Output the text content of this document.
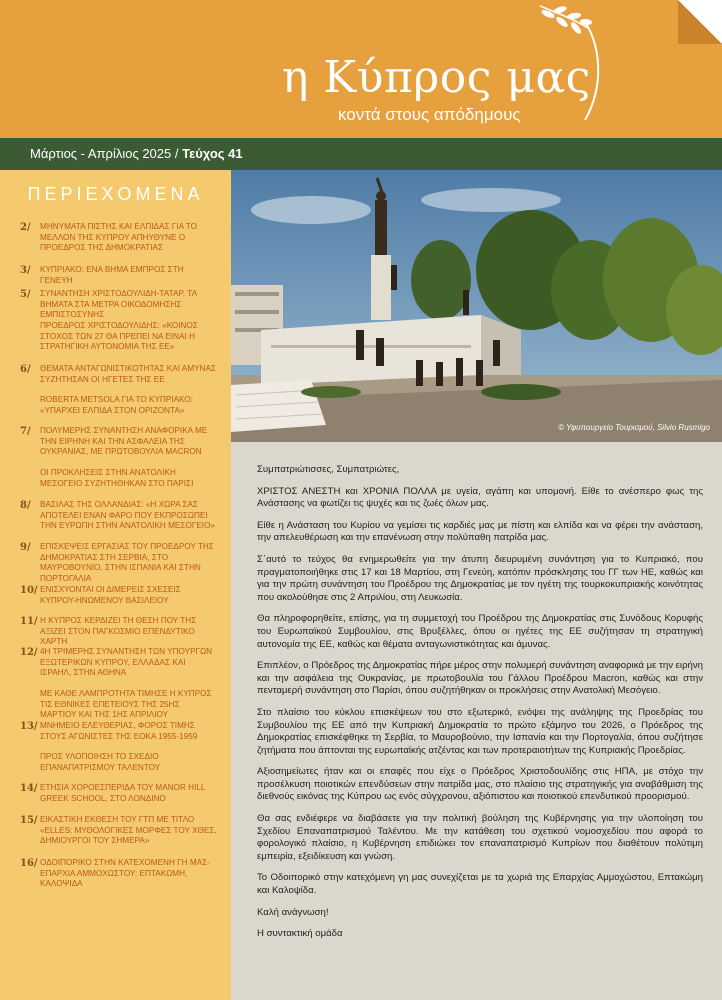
η Κύπρος μας
κοντά στους απόδημους
Μάρτιος - Απρίλιος 2025 / Τεύχος 41
ΠΕΡΙΕΧΟΜΕΝΑ
2/ ΜΗΝΥΜΑΤΑ ΠΙΣΤΗΣ ΚΑΙ ΕΛΠΙΔΑΣ ΓΙΑ ΤΟ ΜΕΛΛΟΝ ΤΗΣ ΚΥΠΡΟΥ ΑΠΗΥΘΥΝΕ Ο ΠΡΟΕΔΡΟΣ ΤΗΣ ΔΗΜΟΚΡΑΤΙΑΣ
3/ ΚΥΠΡΙΑΚΟ: ΕΝΑ ΒΗΜΑ ΕΜΠΡΟΣ ΣΤΗ ΓΕΝΕΥΗ
5/ ΣΥΝΑΝΤΗΣΗ ΧΡΙΣΤΟΔΟΥΛΙΔΗ-ΤΑΤΑΡ, ΤΑ ΒΗΜΑΤΑ ΣΤΑ ΜΕΤΡΑ ΟΙΚΟΔΟΜΗΣΗΣ ΕΜΠΙΣΤΟΣΥΝΗΣ
ΠΡΟΕΔΡΟΣ ΧΡΙΣΤΟΔΟΥΛΙΔΗΣ: «ΚΟΙΝΟΣ ΣΤΟΧΟΣ ΤΩΝ 27 ΘΑ ΠΡΕΠΕΙ ΝΑ ΕΙΝΑΙ Η ΣΤΡΑΤΗΓΙΚΗ ΑΥΤΟΝΟΜΙΑ ΤΗΣ ΕΕ»
6/ ΘΕΜΑΤΑ ΑΝΤΑΓΩΝΙΣΤΙΚΟΤΗΤΑΣ ΚΑΙ ΑΜΥΝΑΣ ΣΥΖΗΤΗΣΑΝ ΟΙ ΗΓΕΤΕΣ ΤΗΣ ΕΕ
ROBERTA METSOLA ΓΙΑ ΤΟ ΚΥΠΡΙΑΚΟ: «ΥΠΑΡΧΕΙ ΕΛΠΙΔΑ ΣΤΟΝ ΟΡΙΖΟΝΤΑ»
7/ ΠΟΛΥΜΕΡΗΣ ΣΥΝΑΝΤΗΣΗ ΑΝΑΦΟΡΙΚΑ ΜΕ ΤΗΝ ΕΙΡΗΝΗ ΚΑΙ ΤΗΝ ΑΣΦΑΛΕΙΑ ΤΗΣ ΟΥΚΡΑΝΙΑΣ, ΜΕ ΠΡΩΤΟΒΟΥΛΙΑ MACRON
ΟΙ ΠΡΟΚΛΗΣΕΙΣ ΣΤΗΝ ΑΝΑΤΟΛΙΚΗ ΜΕΣΟΓΕΙΟ ΣΥΖΗΤΗΘΗΚΑΝ ΣΤΟ ΠΑΡΙΣΙ
8/ ΒΑΣΙΛΑΣ ΤΗΣ ΟΛΛΑΝΔΙΑΣ: «Η ΧΩΡΑ ΣΑΣ ΑΠΟΤΕΛΕΙ ΕΝΑΝ ΦΑΡΟ ΠΟΥ ΕΚΠΡΟΣΩΠΕΙ ΤΗΝ ΕΥΡΩΠΗ ΣΤΗΝ ΑΝΑΤΟΛΙΚΗ ΜΕΣΟΓΕΙΟ»
9/ ΕΠΙΣΚΕΨΕΙΣ ΕΡΓΑΣΙΑΣ ΤΟΥ ΠΡΟΕΔΡΟΥ ΤΗΣ ΔΗΜΟΚΡΑΤΙΑΣ ΣΤΗ ΣΕΡΒΙΑ, ΣΤΟ ΜΑΥΡΟΒΟΥΝΙΟ, ΣΤΗΝ ΙΣΠΑΝΙΑ ΚΑΙ ΣΤΗΝ ΠΟΡΤΟΓΑΛΙΑ
10/ ΕΝΙΣΧΥΟΝΤΑΙ ΟΙ ΔΙΜΕΡΕΙΣ ΣΧΕΣΕΙΣ ΚΥΠΡΟΥ-ΗΝΩΜΕΝΟΥ ΒΑΣΙΛΕΙΟΥ
11/ Η ΚΥΠΡΟΣ ΚΕΡΔΙΖΕΙ ΤΗ ΘΕΣΗ ΠΟΥ ΤΗΣ ΑΞΙΖΕΙ ΣΤΟΝ ΠΑΓΚΟΣΜΙΟ ΕΠΕΝΔΥΤΙΚΟ ΧΑΡΤΗ
12/ 4Η ΤΡΙΜΕΡΗΣ ΣΥΝΑΝΤΗΣΗ ΤΩΝ ΥΠΟΥΡΓΩΝ ΕΞΩΤΕΡΙΚΩΝ ΚΥΠΡΟΥ, ΕΛΛΑΔΑΣ ΚΑΙ ΙΣΡΑΗΛ, ΣΤΗΝ ΑΘΗΝΑ
ΜΕ ΚΑΘΕ ΛΑΜΠΡΟΤΗΤΑ ΤΙΜΗΣΕ Η ΚΥΠΡΟΣ ΤΙΣ ΕΘΝΙΚΕΣ ΕΠΕΤΕΙΟΥΣ ΤΗΣ 25ΗΣ ΜΑΡΤΙΟΥ ΚΑΙ ΤΗΣ 1ΗΣ ΑΠΡΙΛΙΟΥ
13/ ΜΝΗΜΕΙΟ ΕΛΕΥΘΕΡΙΑΣ, ΦΟΡΟΣ ΤΙΜΗΣ ΣΤΟΥΣ ΑΓΩΝΙΣΤΕΣ ΤΗΣ ΕΟΚΑ 1955-1959
ΠΡΟΣ ΥΛΟΠΟΙΗΣΗ ΤΟ ΣΧΕΔΙΟ ΕΠΑΝΑΠΑΤΡΙΣΜΟΥ ΤΑΛΕΝΤΟΥ
14/ ΕΤΗΣΙΑ ΧΟΡΟΕΣΠΕΡΙΔΑ ΤΟΥ MANOR HILL GREEK SCHOOL, ΣΤΟ ΛΟΝΔΙΝΟ
15/ ΕΙΚΑΣΤΙΚΗ ΕΚΘΕΣΗ ΤΟΥ ΓΤΠ ΜΕ ΤΙΤΛΟ «ELLES: ΜΥΘΟΛΟΓΙΚΕΣ ΜΟΡΦΕΣ ΤΟΥ ΧΘΕΣ, ΔΗΜΙΟΥΡΓΟΙ ΤΟΥ ΣΗΜΕΡΑ»
16/ ΟΔΟΙΠΟΡΙΚΟ ΣΤΗΝ ΚΑΤΕΧΟΜΕΝΗ ΓΗ ΜΑΣ-ΕΠΑΡΧΙΑ ΑΜΜΟΧΩΣΤΟΥ: ΕΠΤΑΚΩΜΗ, ΚΑΛΟΨΙΔΑ
© Υφυπουργείο Τουρισμού, Silvio Rusmigo

Συμπατριώτισσες, Συμπατριώτες,

ΧΡΙΣΤΟΣ ΑΝΕΣΤΗ και ΧΡΟΝΙΑ ΠΟΛΛΑ με υγεία, αγάπη και υπομονή. Είθε το ανέσπερο φως της Ανάστασης να φωτίζει τις ψυχές και τις ζωές όλων μας.

Είθε η Ανάσταση του Κυρίου να γεμίσει τις καρδιές μας με πίστη και ελπίδα και να φέρει την ανάσταση, την απελευθέρωση και την επανένωση στην πολύπαθη πατρίδα μας.

Σ΄αυτό το τεύχος θα ενημερωθείτε για την άτυπη διευρυμένη συνάντηση για το Κυπριακό, που πραγματοποιήθηκε στις 17 και 18 Μαρτίου, στη Γενεύη, κατόπιν πρόσκλησης του ΓΓ των ΗΕ, καθώς και για την πρώτη συνάντηση του Προέδρου της Δημοκρατίας με τον ηγέτη της τουρκοκυπριακής κοινότητας που ακολούθησε στις 2 Απριλίου, στη Λευκωσία.

Θα πληροφορηθείτε, επίσης, για τη συμμετοχή του Προέδρου της Δημοκρατίας στις Συνόδους Κορυφής του Ευρωπαϊκού Συμβουλίου, στις Βρυξέλλες, όπου οι ηγέτες της ΕΕ συζήτησαν τη στρατηγική αυτονομία της ΕΕ, καθώς και θέματα ανταγωνιστικότητας και άμυνας.

Επιπλέον, ο Πρόεδρος της Δημοκρατίας πήρε μέρος στην πολυμερή συνάντηση αναφορικά με την ειρήνη και την ασφάλεια της Ουκρανίας, με πρωτοβουλία του Γάλλου Προέδρου Macron, καθώς και στην πενταμερή συνάντηση στο Παρίσι, όπου συζητήθηκαν οι προκλήσεις στην Ανατολική Μεσόγειο.

Στο πλαίσιο του κύκλου επισκέψεων του στο εξωτερικό, ενόψει της ανάληψης της Προεδρίας του Συμβουλίου της ΕΕ από την Κυπριακή Δημοκρατία το πρώτο εξάμηνο του 2026, ο Πρόεδρος της Δημοκρατίας επισκέφθηκε τη Σερβία, το Μαυροβούνιο, την Ισπανία και την Πορτογαλία, όπου συζήτησε ζητήματα που άπτονται της ευρωπαϊκής ατζέντας και των προτεραιοτήτων της Κυπριακής Προεδρίας.

Αξιοσημείωτες ήταν και οι επαφές που είχε ο Πρόεδρος Χριστοδουλίδης στις ΗΠΑ, με στόχο την προσέλκυση ποιοτικών επενδύσεων στην πατρίδα μας, στο πλαίσιο της στρατηγικής για αναβάθμιση της διεθνούς εικόνας της Κύπρου ως ενός σύγχρονου, αξιόπιστου και ποιοτικού επενδυτικού προορισμού.

Θα σας ενδιέφερε να διαβάσετε για την πολιτική βούληση της Κυβέρνησης για την υλοποίηση του Σχεδίου Επαναπατρισμού Ταλέντου. Με την κατάθεση του σχετικού νομοσχεδίου που αφορά το φορολογικό πλαίσιο, η Κυβέρνηση επιδιώκει τον επαναπατρισμό Κυπρίων που διαθέτουν πολύτιμη εμπειρία, εξειδίκευση και γνώση.

Το Οδοιπορικό στην κατεχόμενη γη μας συνεχίζεται με τα χωριά της Επαρχίας Αμμοχώστου, Επτακώμη και Καλοψίδα.

Καλή ανάγνωση!

Η συντακτική ομάδα
